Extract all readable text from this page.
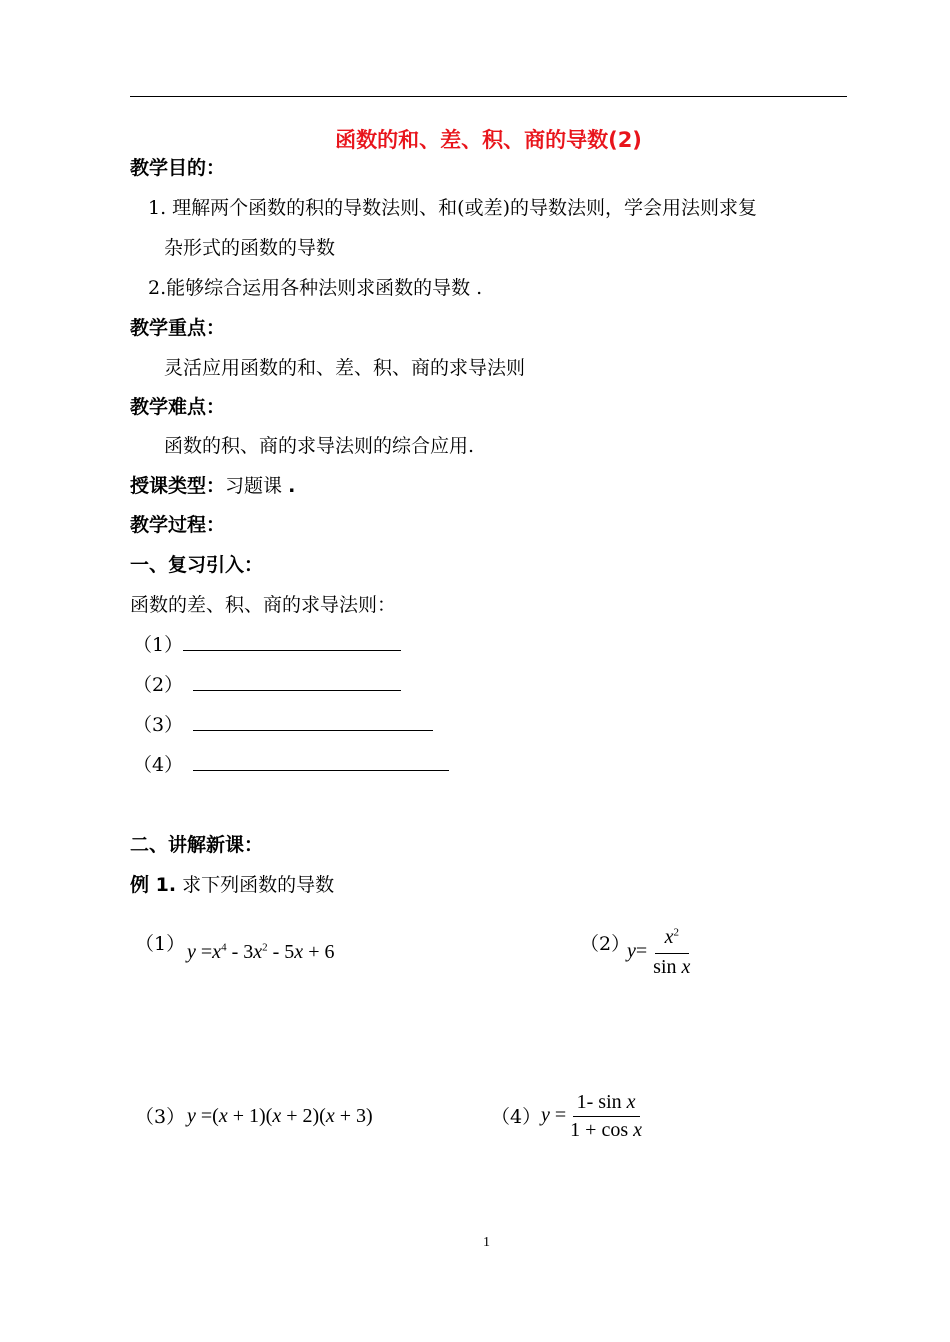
函数的和、差、积、商的导数(2)
教学目的：
1. 理解两个函数的积的导数法则、和(或差)的导数法则，学会用法则求复
杂形式的函数的导数
2.能够综合运用各种法则求函数的导数 .
教学重点：
灵活应用函数的和、差、积、商的求导法则
教学难点：
函数的积、商的求导法则的综合应用.
授课类型：习题课 .
教学过程：
一、复习引入：
函数的差、积、商的求导法则：
（1）
（2）
（3）
（4）
二、讲解新课：
例 1. 求下列函数的导数
（1） $y =x^4 - 3x^2 - 5x + 6$	（2）
$y= \frac{x^2}{\text{sin x}}$
（3） y =(x + 1)(x + 2)(x + 3)	（4） $y = \frac{\text{1- sin x}}{\text{1 + cos x}}$
1
